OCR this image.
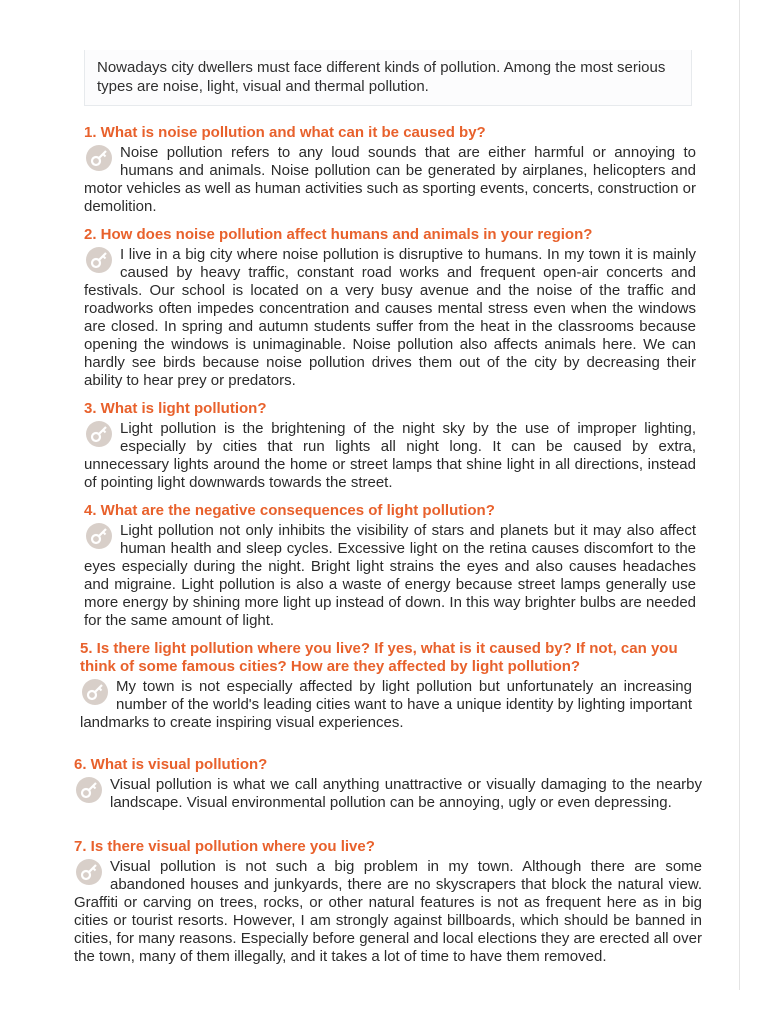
Nowadays city dwellers must face different kinds of pollution. Among the most serious types are noise, light, visual and thermal pollution.

1. What is noise pollution and what can it be caused by?

Noise pollution refers to any loud sounds that are either harmful or annoying to humans and animals. Noise pollution can be generated by airplanes, helicopters and motor vehicles as well as human activities such as sporting events, concerts, construction or demolition.

2. How does noise pollution affect humans and animals in your region?

I live in a big city where noise pollution is disruptive to humans. In my town it is mainly caused by heavy traffic, constant road works and frequent open-air concerts and festivals. Our school is located on a very busy avenue and the noise of the traffic and roadworks often impedes concentration and causes mental stress even when the windows are closed. In spring and autumn students suffer from the heat in the classrooms because opening the windows is unimaginable. Noise pollution also affects animals here. We can hardly see birds because noise pollution drives them out of the city by decreasing their ability to hear prey or predators.

3. What is light pollution?

Light pollution is the brightening of the night sky by the use of improper lighting, especially by cities that run lights all night long. It can be caused by extra, unnecessary lights around the home or street lamps that shine light in all directions, instead of pointing light downwards towards the street.

4. What are the negative consequences of light pollution?

Light pollution not only inhibits the visibility of stars and planets but it may also affect human health and sleep cycles. Excessive light on the retina causes discomfort to the eyes especially during the night. Bright light strains the eyes and also causes headaches and migraine. Light pollution is also a waste of energy because street lamps generally use more energy by shining more light up instead of down. In this way brighter bulbs are needed for the same amount of light.

5. Is there light pollution where you live? If yes, what is it caused by? If not, can you think of some famous cities? How are they affected by light pollution?

My town is not especially affected by light pollution but unfortunately an increasing number of the world's leading cities want to have a unique identity by lighting important landmarks to create inspiring visual experiences.

6. What is visual pollution?

Visual pollution is what we call anything unattractive or visually damaging to the nearby landscape. Visual environmental pollution can be annoying, ugly or even depressing.

7. Is there visual pollution where you live?

Visual pollution is not such a big problem in my town. Although there are some abandoned houses and junkyards, there are no skyscrapers that block the natural view. Graffiti or carving on trees, rocks, or other natural features is not as frequent here as in big cities or tourist resorts. However, I am strongly against billboards, which should be banned in cities, for many reasons. Especially before general and local elections they are erected all over the town, many of them illegally, and it takes a lot of time to have them removed.
